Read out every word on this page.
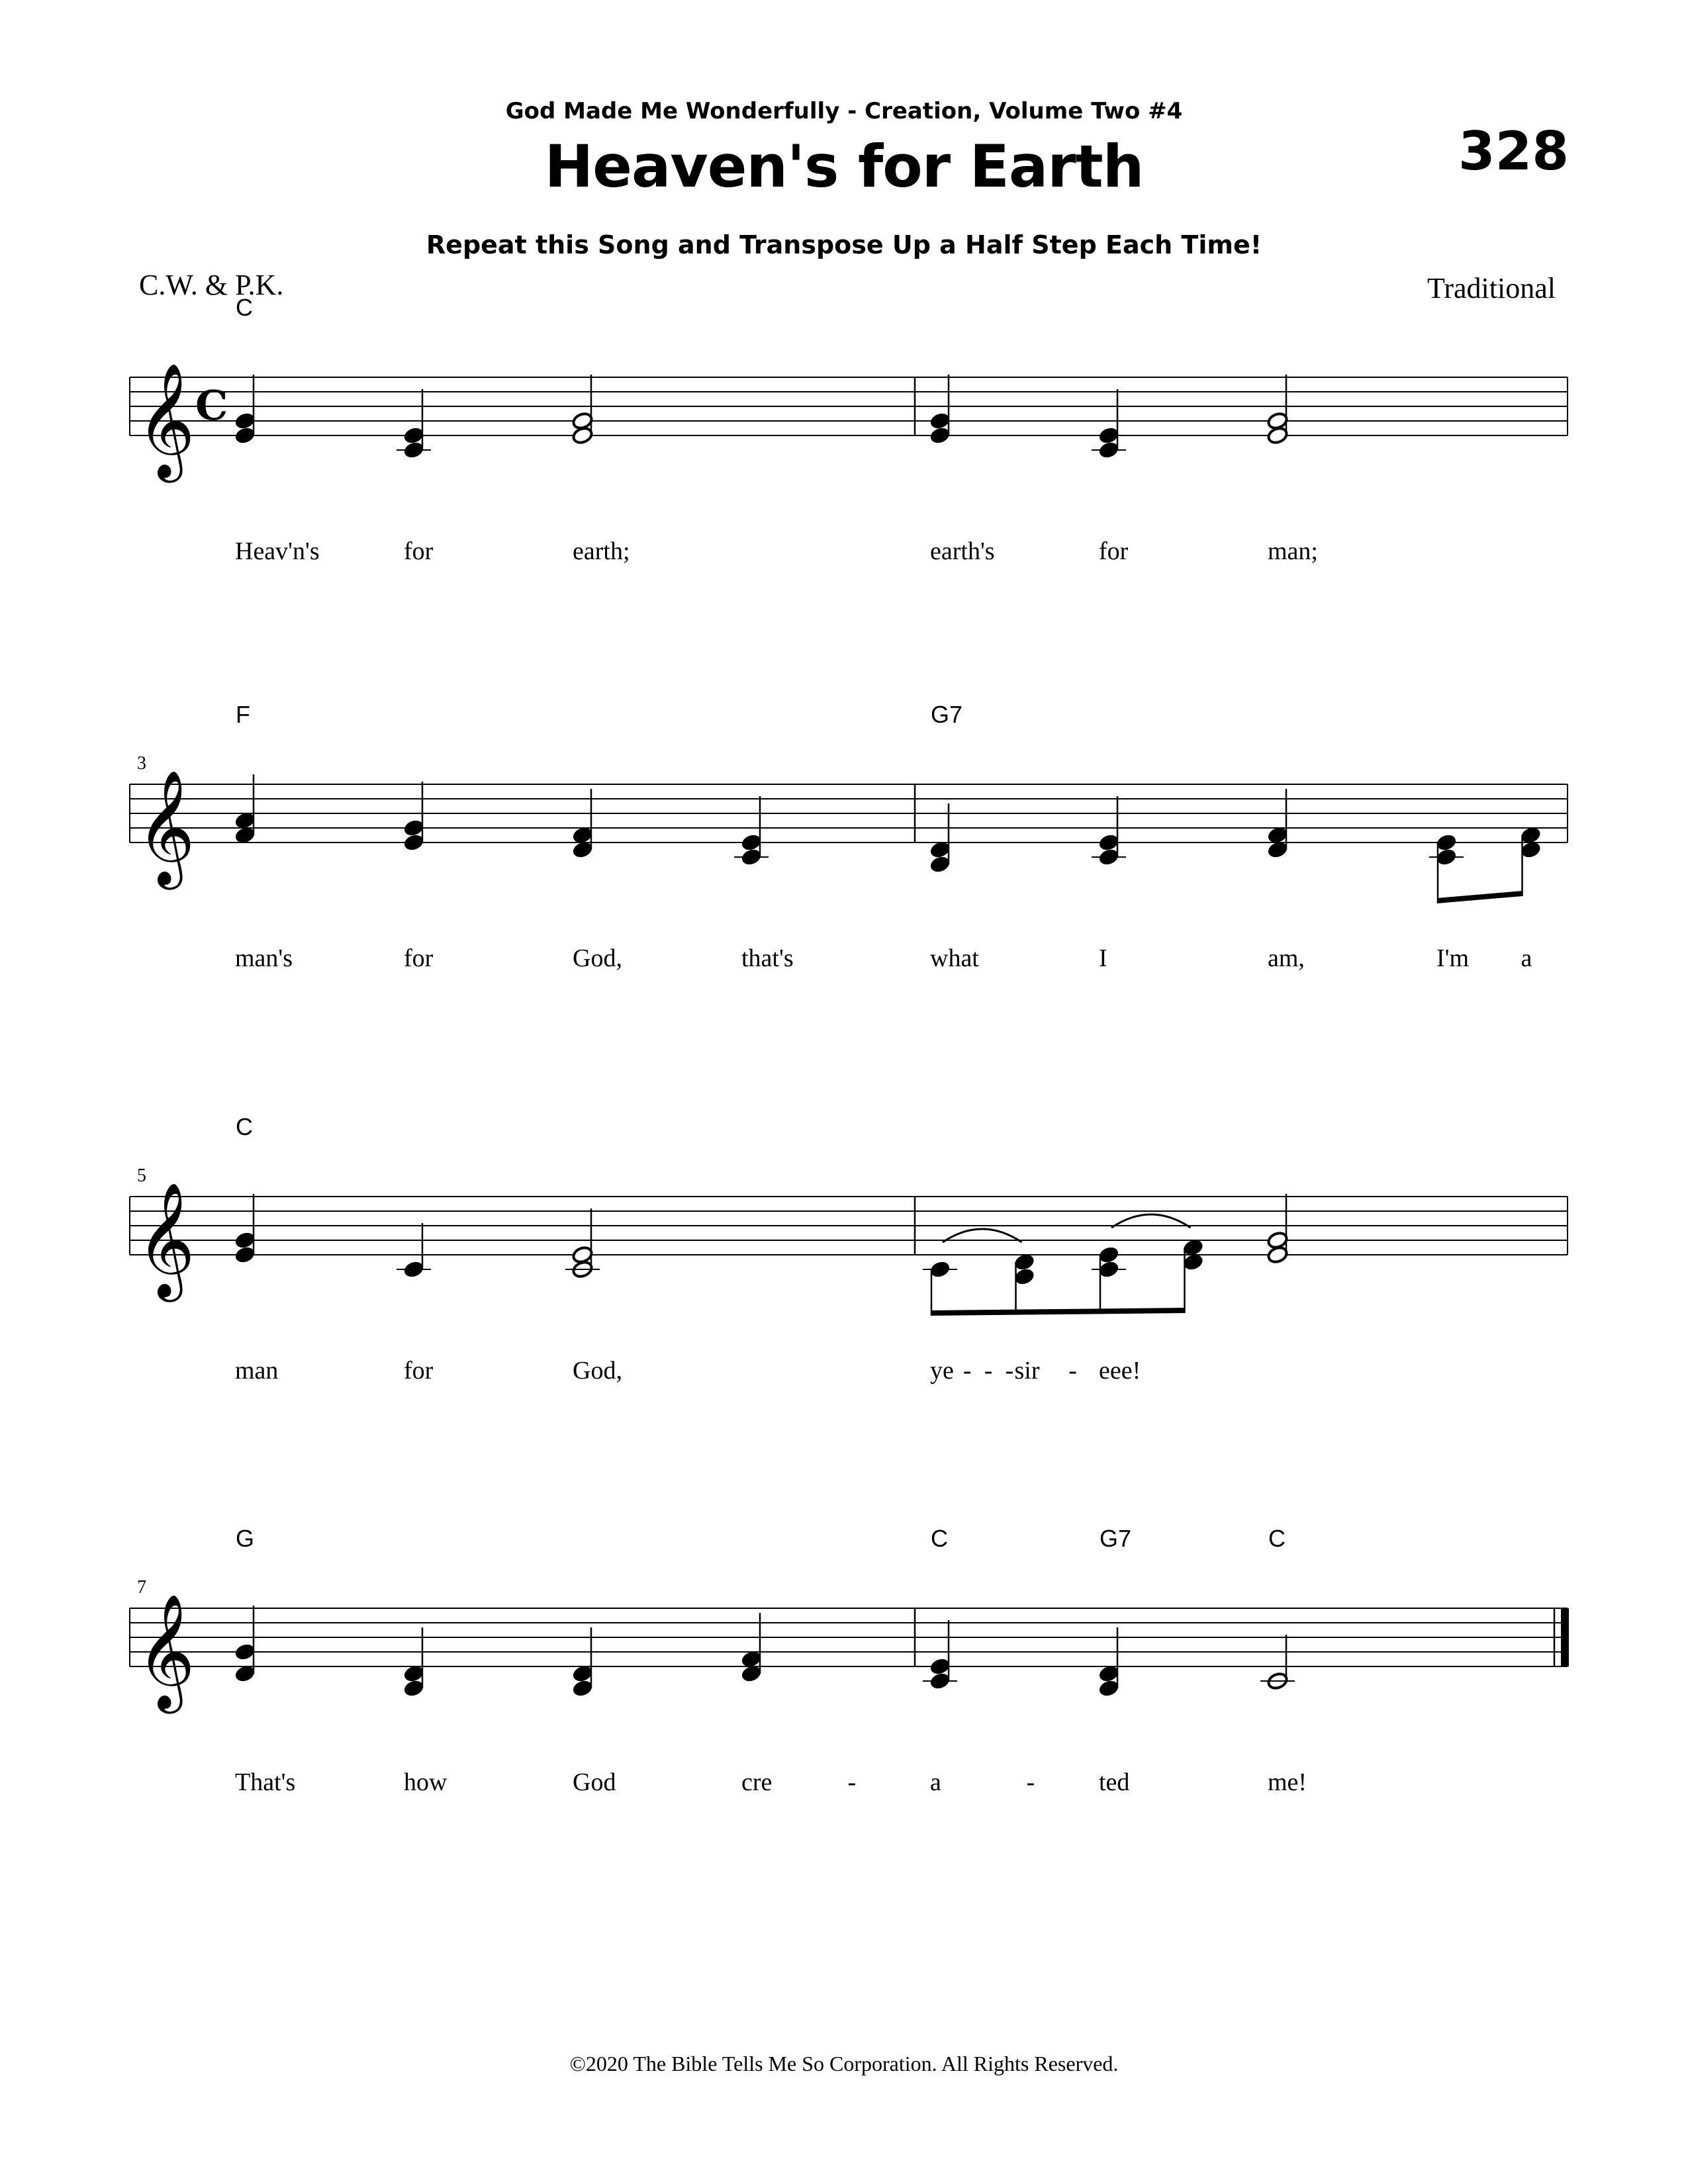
God Made Me Wonderfully - Creation, Volume Two #4
Heaven's for Earth	328
Repeat this Song and Transpose Up a Half Step Each Time!
C.W. & P.K.	Traditional
𝄞 C
C
Heav'n's	for	earth;	earth's	for	man;
𝄞
3
F	G7
man's	for	God,	that's	what	I	am,	I'm a
𝄞
5
C
man	for	God,	ye - - - sir - eee!
𝄞
7
G	C	G7	C
That's	how	God	cre	-	a	-	ted	me!
©2020 The Bible Tells Me So Corporation. All Rights Reserved.
